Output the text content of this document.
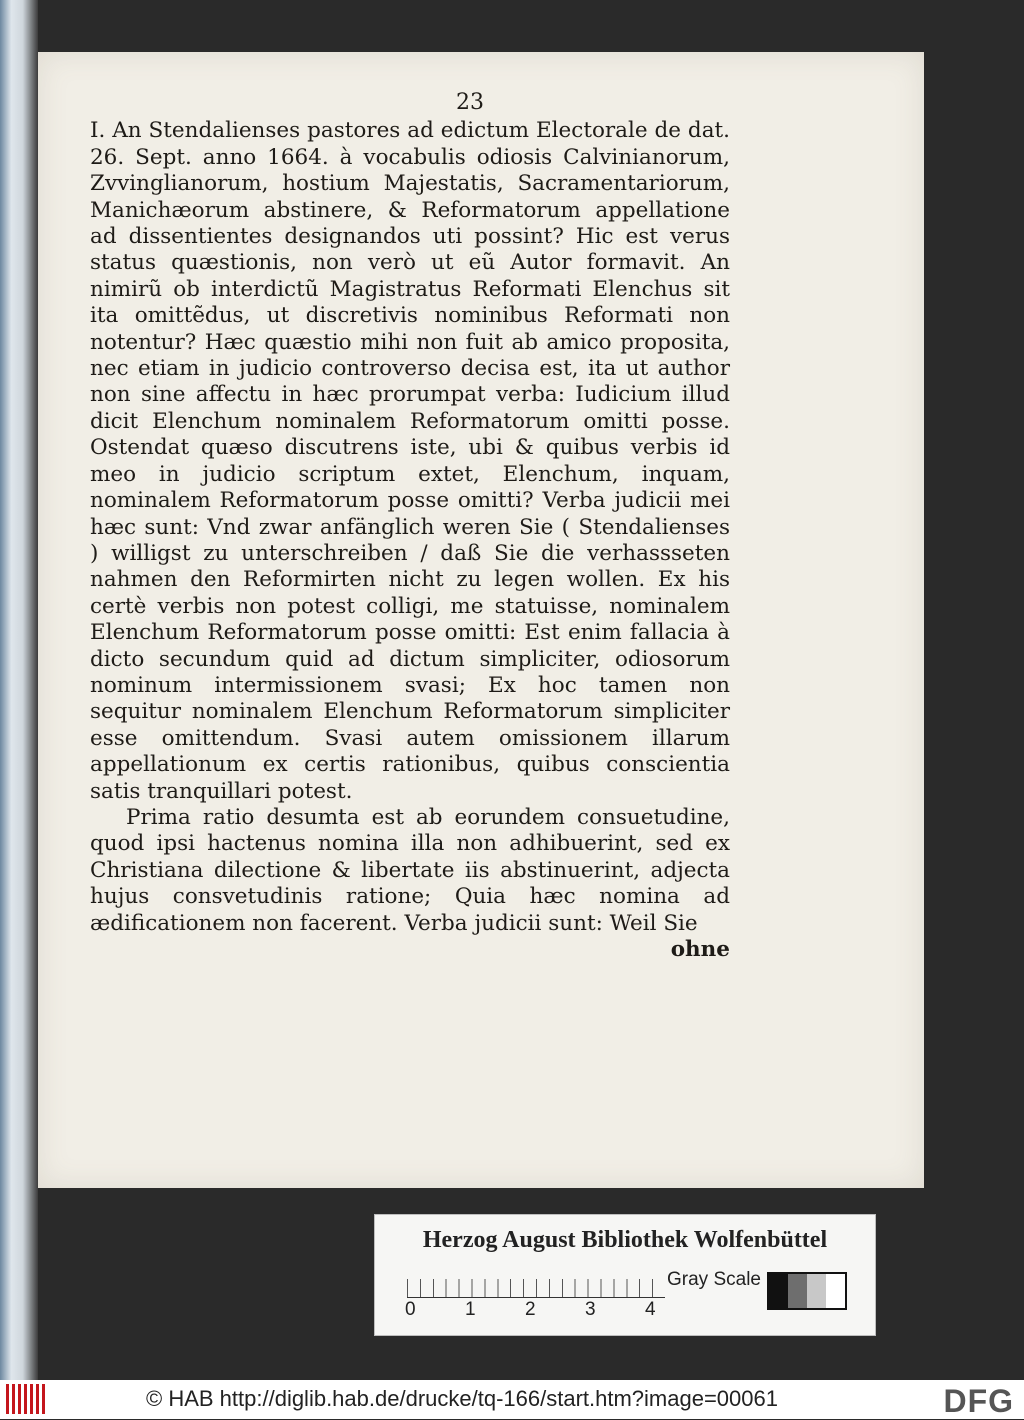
23

I. An Stendalienses pastores ad edictum Electorale de dat. 26. Sept. anno 1664. à vocabulis odiosis Calvinianorum, Zvvinglianorum, hostium Majestatis, Sacramentariorum, Manichæorum abstinere, & Reformatorum appellatione ad dissentientes designandos uti possint? Hic est verus status quæstionis, non verò ut eũ Autor formavit. An nimirũ ob interdictũ Magistratus Reformati Elenchus sit ita omittẽdus, ut discretivis nominibus Reformati non notentur? Hæc quæstio mihi non fuit ab amico proposita, nec etiam in judicio controverso decisa est, ita ut author non sine affectu in hæc prorumpat verba: Iudicium illud dicit Elenchum nominalem Reformatorum omitti posse. Ostendat quæso discutrens iste, ubi & quibus verbis id meo in judicio scriptum extet, Elenchum, inquam, nominalem Reformatorum posse omitti? Verba judicii mei hæc sunt: Vnd zwar anfänglich weren Sie ( Stendalienses ) willigst zu unterschreiben / daß Sie die verhassseten nahmen den Reformirten nicht zu legen wollen. Ex his certè verbis non potest colligi, me statuisse, nominalem Elenchum Reformatorum posse omitti: Est enim fallacia à dicto secundum quid ad dictum simpliciter, odiosorum nominum intermissionem svasi; Ex hoc tamen non sequitur nominalem Elenchum Reformatorum simpliciter esse omittendum. Svasi autem omissionem illarum appellationum ex certis rationibus, quibus conscientia satis tranquillari potest.

Prima ratio desumta est ab eorundem consuetudine, quod ipsi hactenus nomina illa non adhibuerint, sed ex Christiana dilectione & libertate iis abstinuerint, adjecta hujus consvetudinis ratione; Quia hæc nomina ad ædificationem non facerent. Verba judicii sunt: Weil Sie

ohne
Herzog August Bibliothek Wolfenbüttel
0	1	2	3	4
Gray Scale
© HAB http://diglib.hab.de/drucke/tq-166/start.htm?image=00061	DFG
